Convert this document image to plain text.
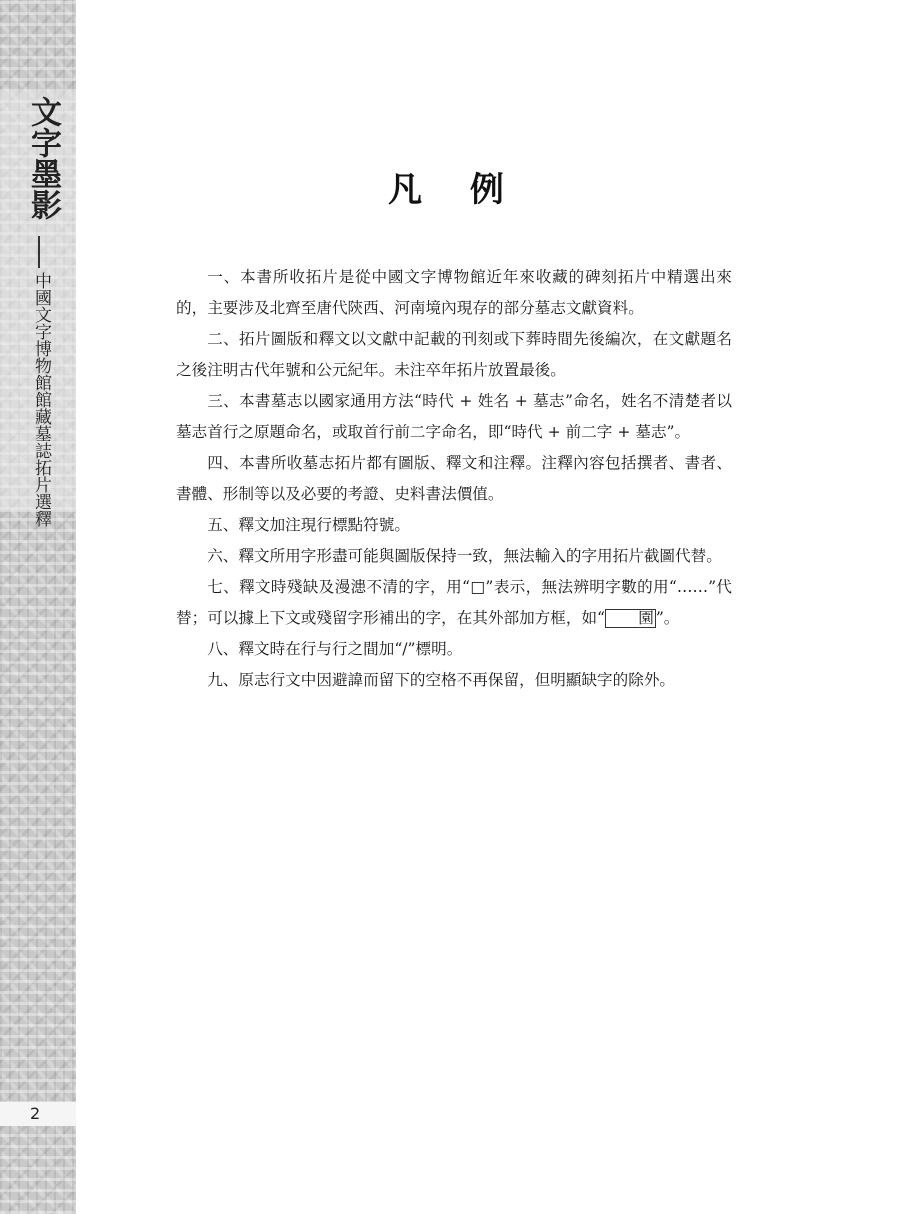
文字墨影
中國文字博物館館藏墓誌拓片選釋
2
凡 例

一、本書所收拓片是從中國文字博物館近年來收藏的碑刻拓片中精選出來的，主要涉及北齊至唐代陝西、河南境內現存的部分墓志文獻資料。

二、拓片圖版和釋文以文獻中記載的刊刻或下葬時間先後編次，在文獻題名之後注明古代年號和公元紀年。未注卒年拓片放置最後。

三、本書墓志以國家通用方法“時代 + 姓名 + 墓志”命名，姓名不清楚者以墓志首行之原題命名，或取首行前二字命名，即“時代 + 前二字 + 墓志”。

四、本書所收墓志拓片都有圖版、釋文和注釋。注釋內容包括撰者、書者、書體、形制等以及必要的考證、史料書法價值。

五、釋文加注現行標點符號。

六、釋文所用字形盡可能與圖版保持一致，無法輸入的字用拓片截圖代替。

七、釋文時殘缺及漫漶不清的字，用“□”表示，無法辨明字數的用“……”代替；可以據上下文或殘留字形補出的字，在其外部加方框，如“ 園 ”。

八、釋文時在行与行之間加“/”標明。

九、原志行文中因避諱而留下的空格不再保留，但明顯缺字的除外。
